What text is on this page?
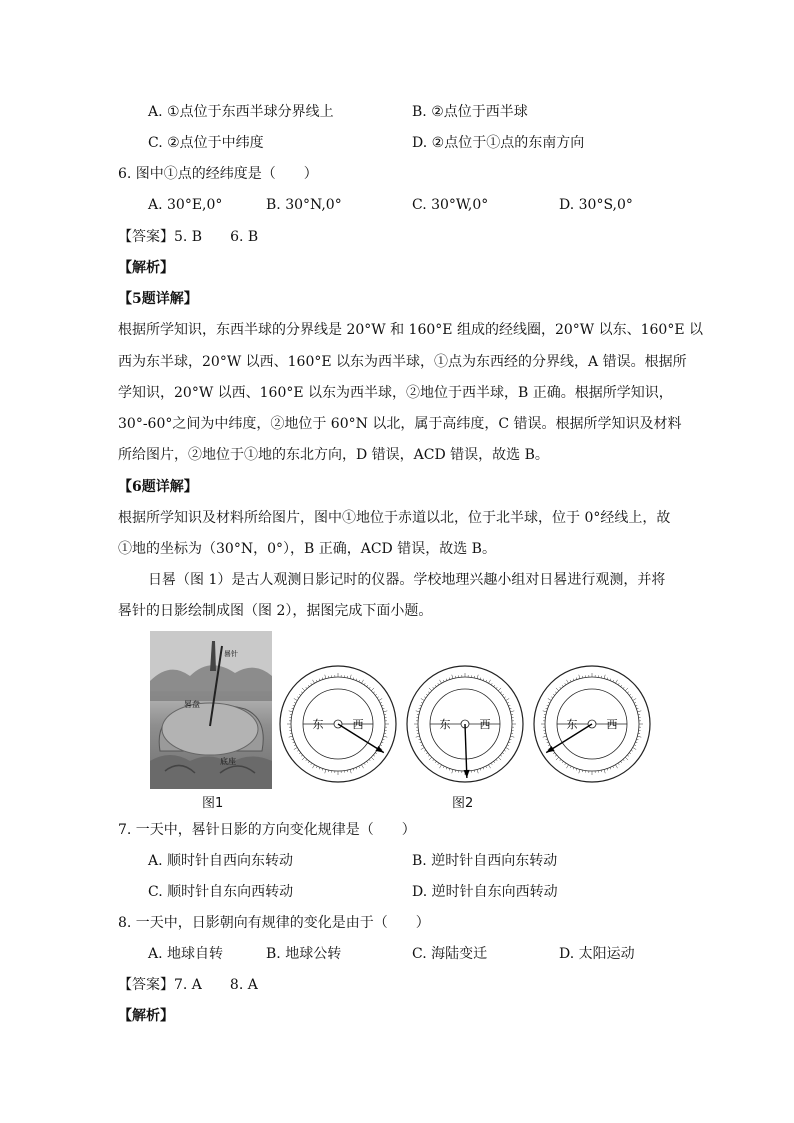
A. ①点位于东西半球分界线上	B. ②点位于西半球
C. ②点位于中纬度	D. ②点位于①点的东南方向
6. 图中①点的经纬度是（　　）
A. 30°E,0°	B. 30°N,0°	C. 30°W,0°	D. 30°S,0°
【答案】5. B　　6. B
【解析】
【5题详解】
根据所学知识，东西半球的分界线是 20°W 和 160°E 组成的经线圈，20°W 以东、160°E 以
西为东半球，20°W 以西、160°E 以东为西半球，①点为东西经的分界线，A 错误。根据所
学知识，20°W 以西、160°E 以东为西半球，②地位于西半球，B 正确。根据所学知识，
30°-60°之间为中纬度，②地位于 60°N 以北，属于高纬度，C 错误。根据所学知识及材料
所给图片，②地位于①地的东北方向，D 错误，ACD 错误，故选 B。
【6题详解】
根据所学知识及材料所给图片，图中①地位于赤道以北，位于北半球，位于 0°经线上，故
①地的坐标为（30°N，0°），B 正确，ACD 错误，故选 B。
日晷（图 1）是古人观测日影记时的仪器。学校地理兴趣小组对日晷进行观测，并将
晷针的日影绘制成图（图 2），据图完成下面小题。
晷针
晷盘
底座
东	西	东	西	东	西
图1	图2
7. 一天中，晷针日影的方向变化规律是（　　）
A. 顺时针自西向东转动	B. 逆时针自西向东转动
C. 顺时针自东向西转动	D. 逆时针自东向西转动
8. 一天中，日影朝向有规律的变化是由于（　　）
A. 地球自转	B. 地球公转	C. 海陆变迁	D. 太阳运动
【答案】7. A　　8. A
【解析】
